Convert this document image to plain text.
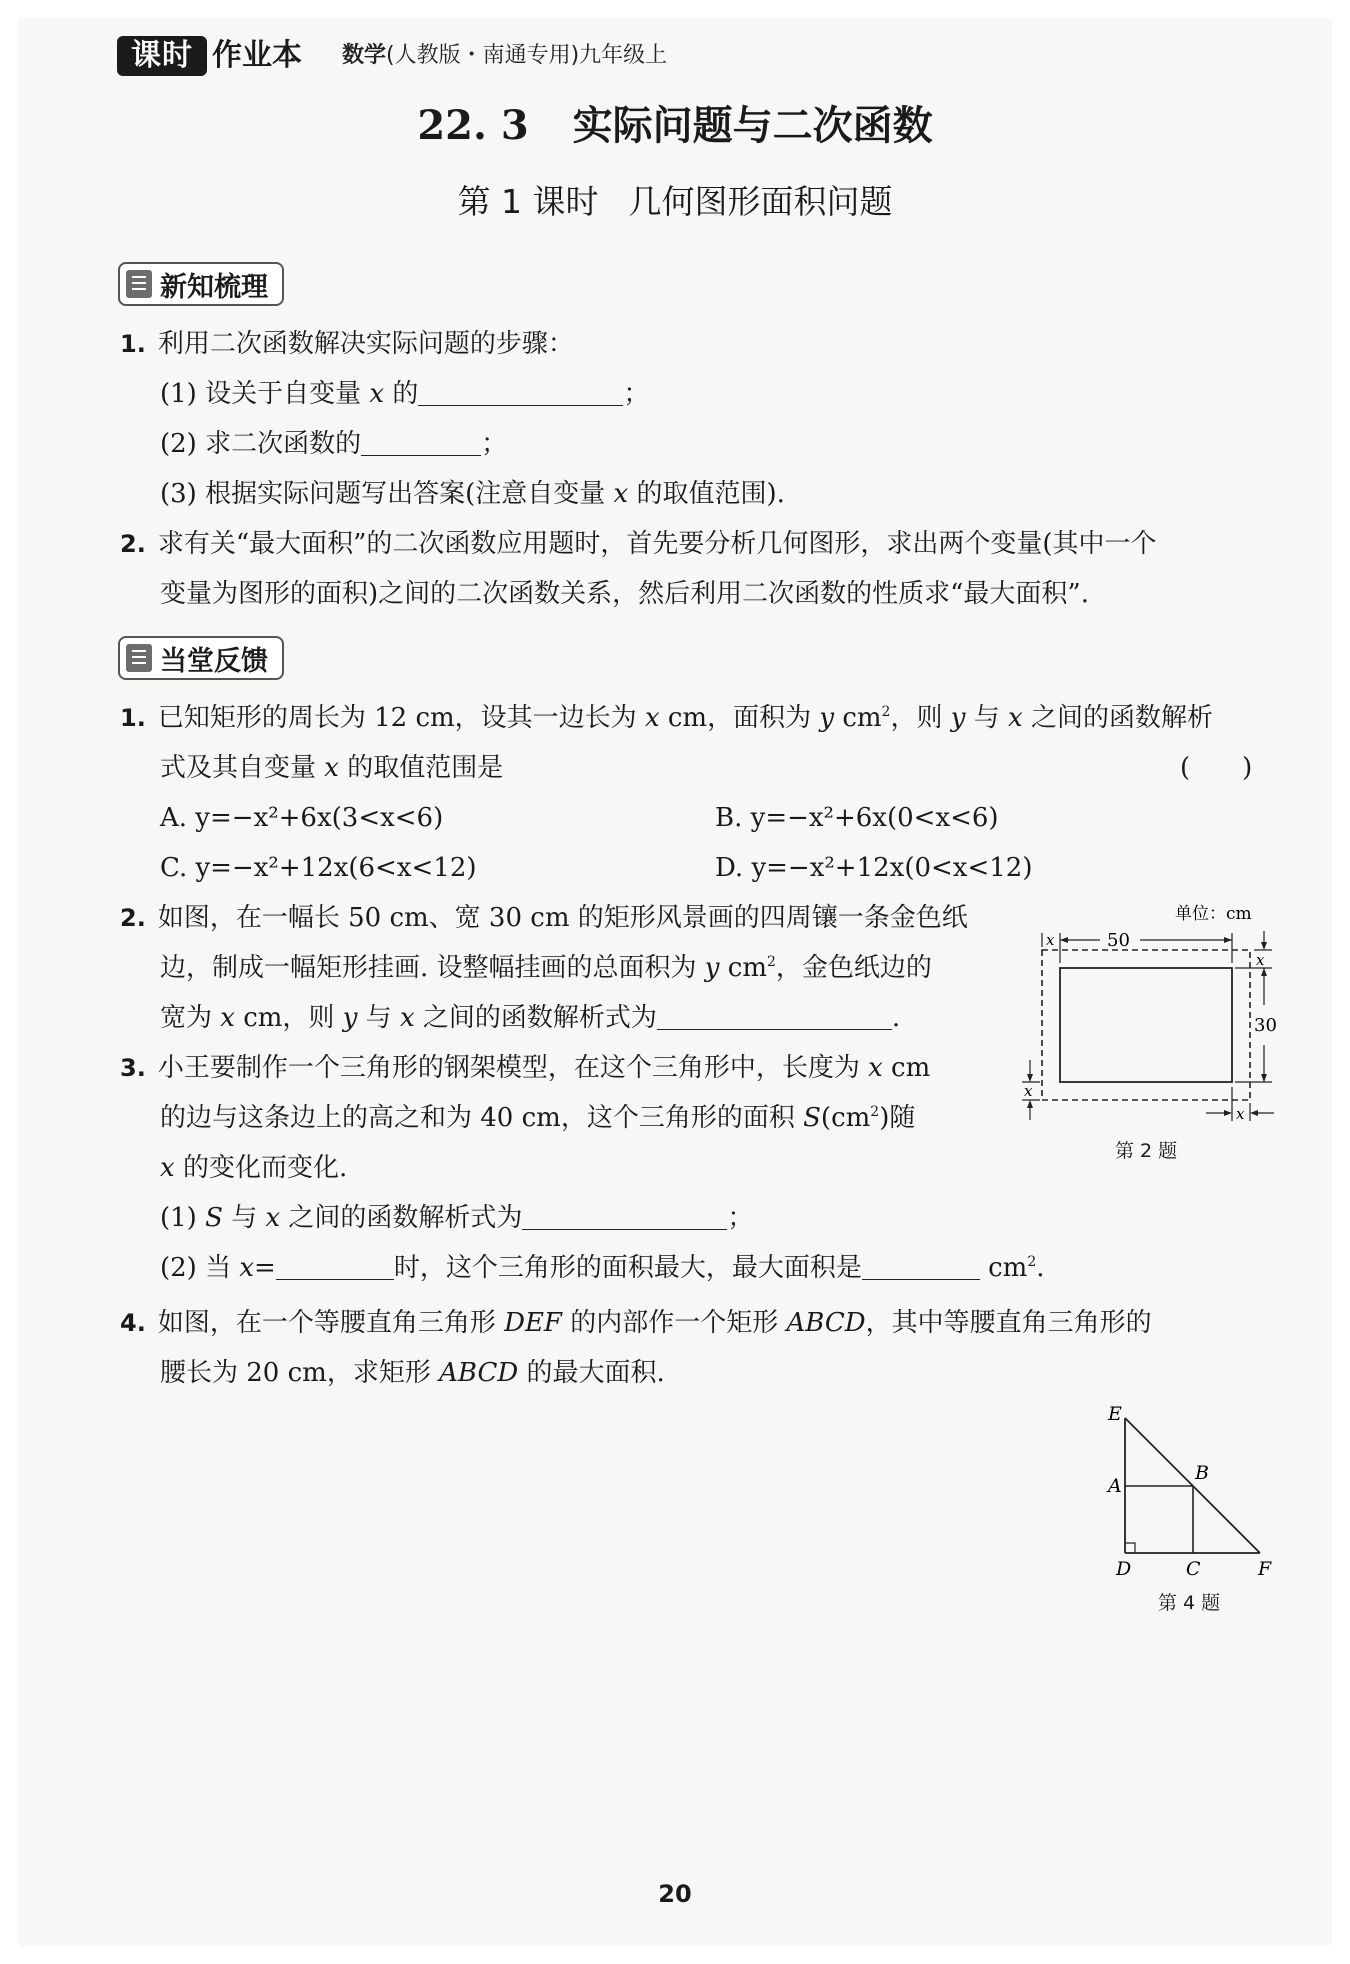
课时 作业本 数学(人教版・南通专用)九年级上
22. 3 实际问题与二次函数
第 1 课时 几何图形面积问题
新知梳理
1. 利用二次函数解决实际问题的步骤：
(1) 设关于自变量 x 的	；
(2) 求二次函数的	；
(3) 根据实际问题写出答案(注意自变量 x 的取值范围).
2. 求有关“最大面积”的二次函数应用题时，首先要分析几何图形，求出两个变量(其中一个
变量为图形的面积)之间的二次函数关系，然后利用二次函数的性质求“最大面积”.
当堂反馈
1. 已知矩形的周长为 12 cm，设其一边长为 x cm，面积为 y $cm^2$，则 y 与 x 之间的函数解析
式及其自变量 x 的取值范围是	(　　)
A. y=−x²+6x(3<x<6)	B. y=−x²+6x(0<x<6)
C. y=−x²+12x(6<x<12)	D. y=−x²+12x(0<x<12)
2. 如图，在一幅长 50 cm、宽 30 cm 的矩形风景画的四周镶一条金色纸
边，制成一幅矩形挂画. 设整幅挂画的总面积为 y $cm^2$，金色纸边的
宽为 x cm，则 y 与 x 之间的函数解析式为	.
单位：cm
50
x
x
30
x
x
第 2 题
3. 小王要制作一个三角形的钢架模型，在这个三角形中，长度为 x cm
的边与这条边上的高之和为 40 cm，这个三角形的面积 $S(cm^2)$随
x 的变化而变化.
(1) S 与 x 之间的函数解析式为	；
(2) 当 x=	时，这个三角形的面积最大，最大面积是	$cm^2$.
4. 如图，在一个等腰直角三角形 DEF 的内部作一个矩形 ABCD，其中等腰直角三角形的
腰长为 20 cm，求矩形 ABCD 的最大面积.
E
A
B
D	C	F
第 4 题
20
